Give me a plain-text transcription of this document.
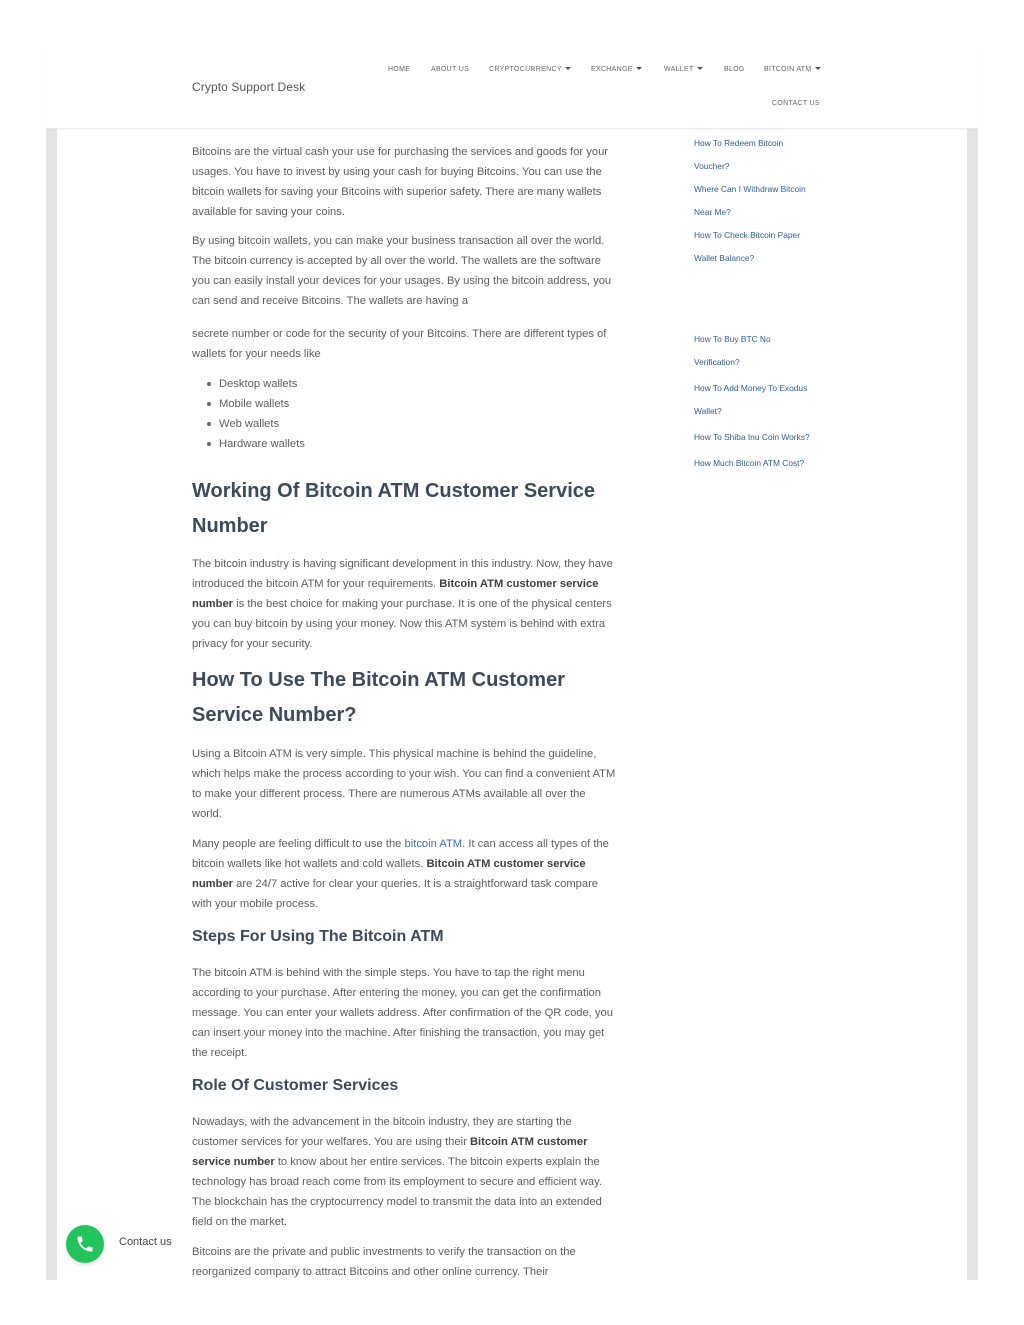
Crypto Support Desk
HOME	ABOUT US	CRYPTOCURRENCY	EXCHANGE	WALLET	BLOG	BITCOIN ATM
CONTACT US
Bitcoins are the virtual cash your use for purchasing the services and goods for your usages. You have to invest by using your cash for buying Bitcoins. You can use the bitcoin wallets for saving your Bitcoins with superior safety. There are many wallets available for saving your coins.
By using bitcoin wallets, you can make your business transaction all over the world. The bitcoin currency is accepted by all over the world. The wallets are the software you can easily install your devices for your usages. By using the bitcoin address, you can send and receive Bitcoins. The wallets are having a
secrete number or code for the security of your Bitcoins. There are different types of wallets for your needs like
Desktop wallets
Mobile wallets
Web wallets
Hardware wallets
Working Of Bitcoin ATM Customer Service Number
The bitcoin industry is having significant development in this industry. Now, they have introduced the bitcoin ATM for your requirements. Bitcoin ATM customer service number is the best choice for making your purchase. It is one of the physical centers you can buy bitcoin by using your money. Now this ATM system is behind with extra privacy for your security.
How To Use The Bitcoin ATM Customer Service Number?
Using a Bitcoin ATM is very simple. This physical machine is behind the guideline, which helps make the process according to your wish. You can find a convenient ATM to make your different process. There are numerous ATMs available all over the world.
Many people are feeling difficult to use the bitcoin ATM. It can access all types of the bitcoin wallets like hot wallets and cold wallets. Bitcoin ATM customer service number are 24/7 active for clear your queries. It is a straightforward task compare with your mobile process.
Steps For Using The Bitcoin ATM
The bitcoin ATM is behind with the simple steps. You have to tap the right menu according to your purchase. After entering the money, you can get the confirmation message. You can enter your wallets address. After confirmation of the QR code, you can insert your money into the machine. After finishing the transaction, you may get the receipt.
Role Of Customer Services
Nowadays, with the advancement in the bitcoin industry, they are starting the customer services for your welfares. You are using their Bitcoin ATM customer service number to know about her entire services. The bitcoin experts explain the technology has broad reach come from its employment to secure and efficient way. The blockchain has the cryptocurrency model to transmit the data into an extended field on the market.
Bitcoins are the private and public investments to verify the transaction on the reorganized company to attract Bitcoins and other online currency. Their
How To Redeem Bitcoin
Voucher?
Where Can I Withdraw Bitcoin
Near Me?
How To Check Bitcoin Paper
Wallet Balance?
How To Buy BTC No
Verification?
How To Add Money To Exodus
Wallet?
How To Shiba Inu Coin Works?
How Much Bitcoin ATM Cost?
Contact us
